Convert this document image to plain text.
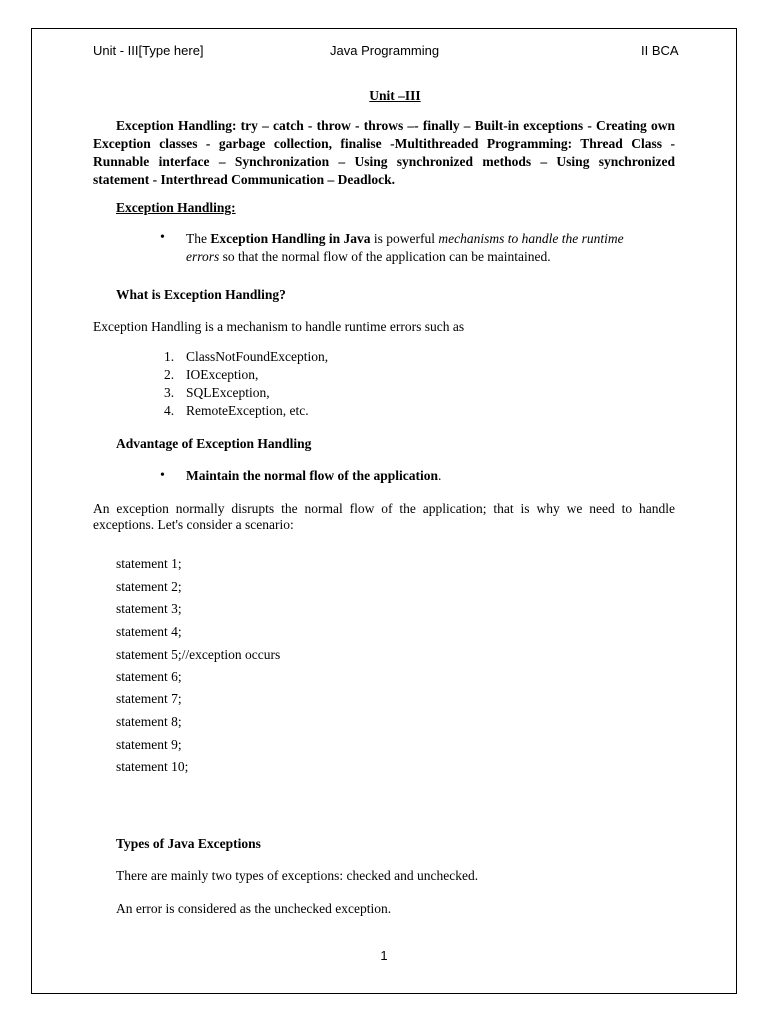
Unit - III[Type here]	Java Programming	II BCA
Unit –III
Exception Handling: try – catch - throw - throws –- finally – Built-in exceptions - Creating own Exception classes - garbage collection, finalise -Multithreaded Programming: Thread Class - Runnable interface – Synchronization – Using synchronized methods – Using synchronized statement - Interthread Communication – Deadlock.
Exception Handling:
• The Exception Handling in Java is powerful mechanisms to handle the runtime
errors so that the normal flow of the application can be maintained.
What is Exception Handling?
Exception Handling is a mechanism to handle runtime errors such as
1. ClassNotFoundException,
2. IOException,
3. SQLException,
4. RemoteException, etc.
Advantage of Exception Handling
• Maintain the normal flow of the application.
An exception normally disrupts the normal flow of the application; that is why we need to handle exceptions. Let's consider a scenario:
statement 1;
statement 2;
statement 3;
statement 4;
statement 5;//exception occurs
statement 6;
statement 7;
statement 8;
statement 9;
statement 10;
Types of Java Exceptions
There are mainly two types of exceptions: checked and unchecked.
An error is considered as the unchecked exception.
1
